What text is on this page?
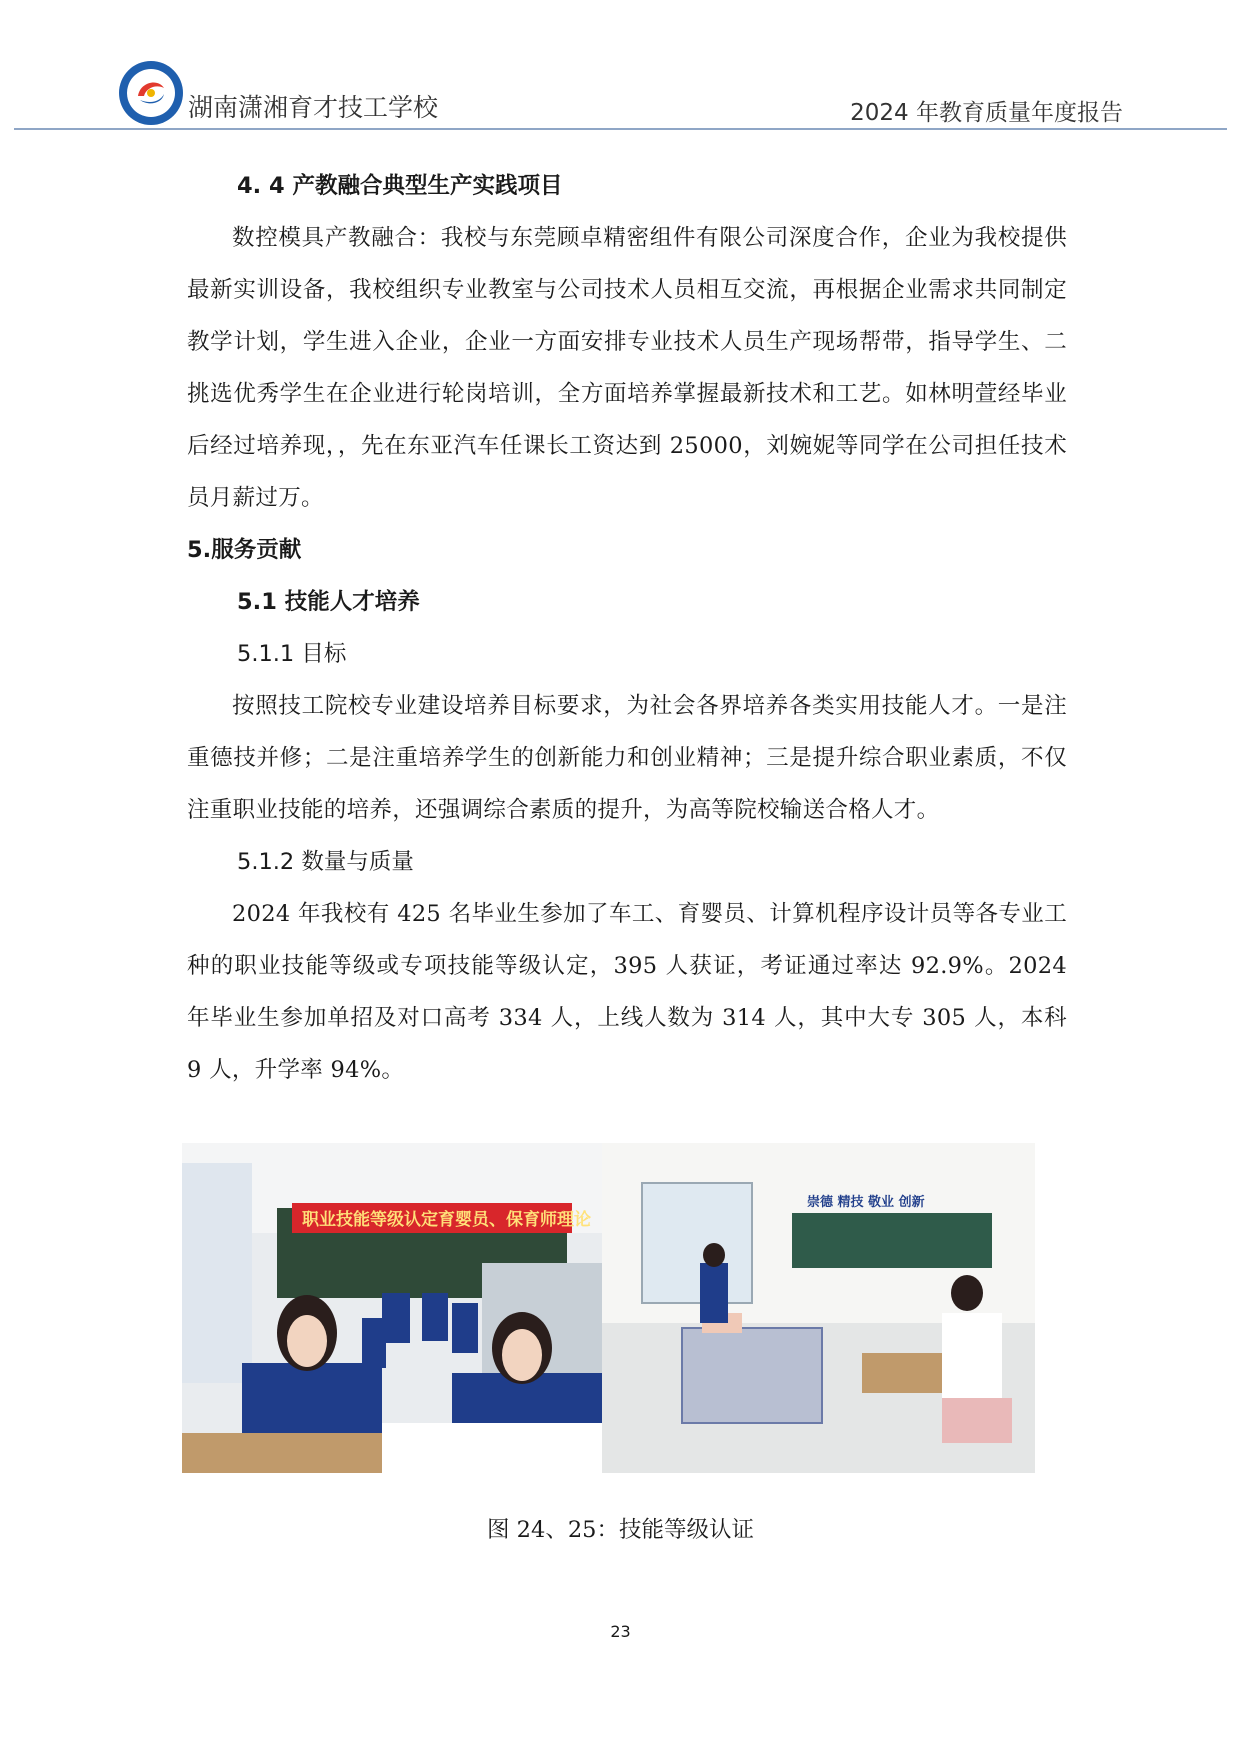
湖南潇湘育才技工学校	2024 年教育质量年度报告

4. 4 产教融合典型生产实践项目

数控模具产教融合：我校与东莞顾卓精密组件有限公司深度合作，企业为我校提供最新实训设备，我校组织专业教室与公司技术人员相互交流，再根据企业需求共同制定教学计划，学生进入企业，企业一方面安排专业技术人员生产现场帮带，指导学生、二挑选优秀学生在企业进行轮岗培训，全方面培养掌握最新技术和工艺。如林明萱经毕业后经过培养现，，先在东亚汽车任课长工资达到 25000，刘婉妮等同学在公司担任技术员月薪过万。

5.服务贡献

5.1 技能人才培养

5.1.1 目标

按照技工院校专业建设培养目标要求，为社会各界培养各类实用技能人才。一是注重德技并修；二是注重培养学生的创新能力和创业精神；三是提升综合职业素质，不仅注重职业技能的培养，还强调综合素质的提升，为高等院校输送合格人才。

5.1.2 数量与质量

2024 年我校有 425 名毕业生参加了车工、育婴员、计算机程序设计员等各专业工种的职业技能等级或专项技能等级认定，395 人获证，考证通过率达 92.9%。2024 年毕业生参加单招及对口高考 334 人，上线人数为 314 人，其中大专 305 人，本科 9 人，升学率 94%。

职业技能等级认定育婴员、保育师理论
崇德 精技 敬业 创新
图 24、25：技能等级认证
23
